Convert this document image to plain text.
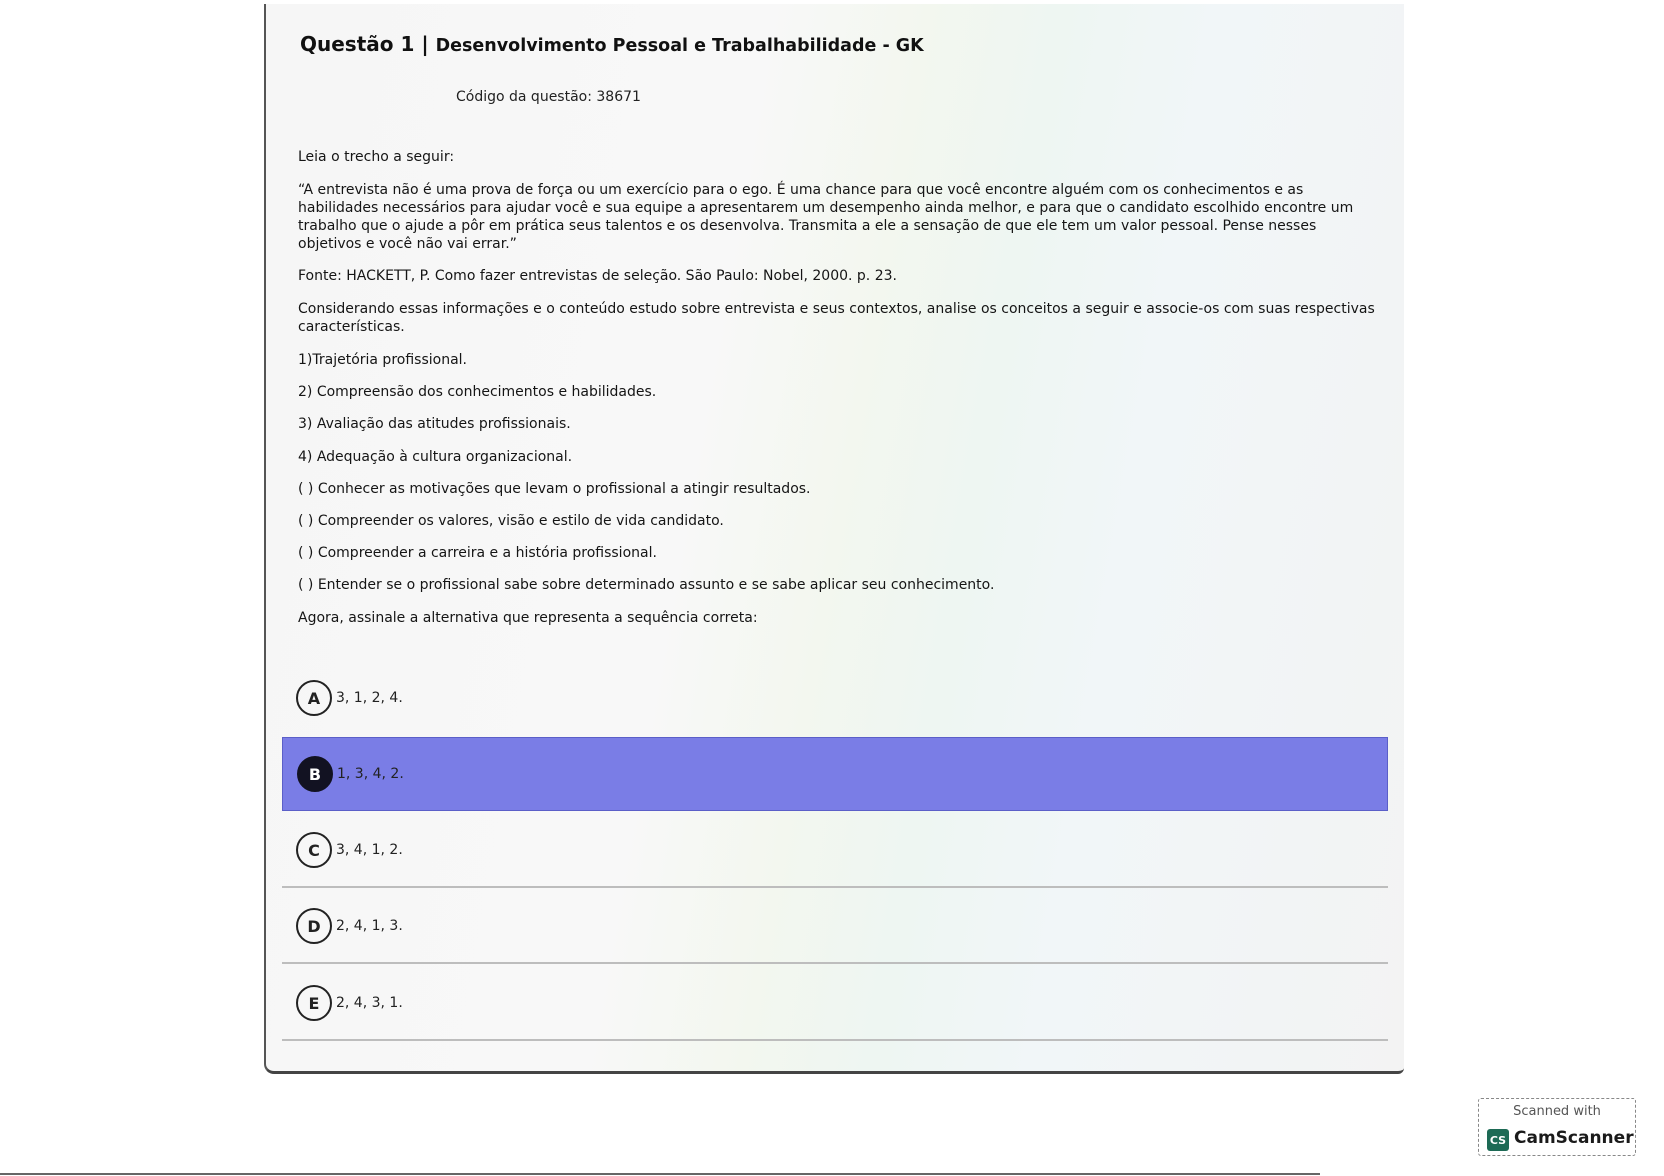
Questão 1 | Desenvolvimento Pessoal e Trabalhabilidade - GK
Código da questão: 38671

Leia o trecho a seguir:

“A entrevista não é uma prova de força ou um exercício para o ego. É uma chance para que você encontre alguém com os conhecimentos e as habilidades necessários para ajudar você e sua equipe a apresentarem um desempenho ainda melhor, e para que o candidato escolhido encontre um trabalho que o ajude a pôr em prática seus talentos e os desenvolva. Transmita a ele a sensação de que ele tem um valor pessoal. Pense nesses objetivos e você não vai errar.”

Fonte: HACKETT, P. Como fazer entrevistas de seleção. São Paulo: Nobel, 2000. p. 23.

Considerando essas informações e o conteúdo estudo sobre entrevista e seus contextos, analise os conceitos a seguir e associe-os com suas respectivas características.

1)Trajetória profissional.

2) Compreensão dos conhecimentos e habilidades.

3) Avaliação das atitudes profissionais.

4) Adequação à cultura organizacional.

( ) Conhecer as motivações que levam o profissional a atingir resultados.

( ) Compreender os valores, visão e estilo de vida candidato.

( ) Compreender a carreira e a história profissional.

( ) Entender se o profissional sabe sobre determinado assunto e se sabe aplicar seu conhecimento.

Agora, assinale a alternativa que representa a sequência correta:

A	3, 1, 2, 4.
B	1, 3, 4, 2.
C	3, 4, 1, 2.
D	2, 4, 1, 3.
E	2, 4, 3, 1.
Scanned with
CS CamScanner
